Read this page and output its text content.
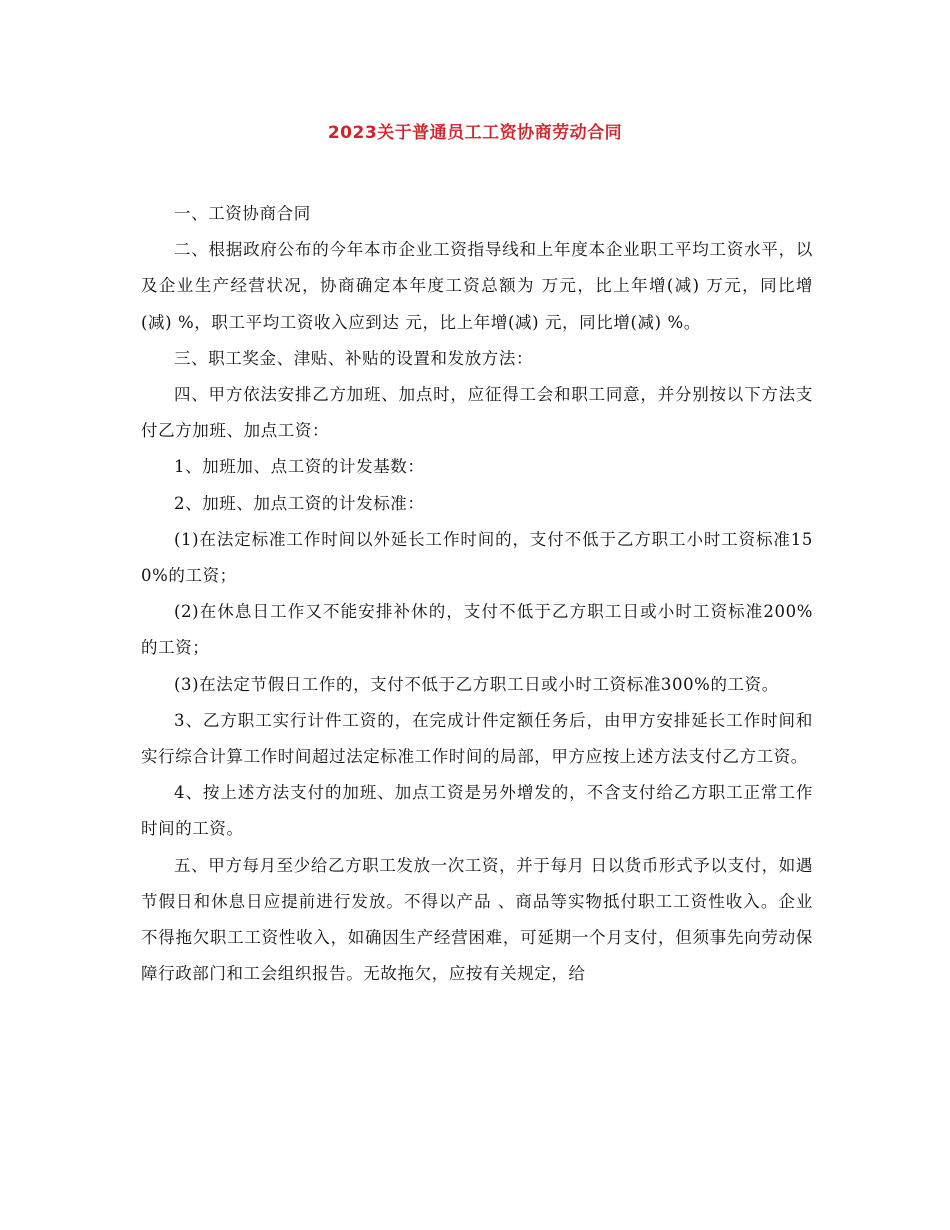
2023关于普通员工工资协商劳动合同

一、工资协商合同

二、根据政府公布的今年本市企业工资指导线和上年度本企业职工平均工资水平，以及企业生产经营状况，协商确定本年度工资总额为 万元，比上年增(减) 万元，同比增(减) %，职工平均工资收入应到达 元，比上年增(减) 元，同比增(减) %。

三、职工奖金、津贴、补贴的设置和发放方法：

四、甲方依法安排乙方加班、加点时，应征得工会和职工同意，并分别按以下方法支付乙方加班、加点工资：

1、加班加、点工资的计发基数：

2、加班、加点工资的计发标准：

(1)在法定标准工作时间以外延长工作时间的，支付不低于乙方职工小时工资标准150%的工资；

(2)在休息日工作又不能安排补休的，支付不低于乙方职工日或小时工资标准200%的工资；

(3)在法定节假日工作的，支付不低于乙方职工日或小时工资标准300%的工资。

3、乙方职工实行计件工资的，在完成计件定额任务后，由甲方安排延长工作时间和实行综合计算工作时间超过法定标准工作时间的局部，甲方应按上述方法支付乙方工资。

4、按上述方法支付的加班、加点工资是另外增发的，不含支付给乙方职工正常工作时间的工资。

五、甲方每月至少给乙方职工发放一次工资，并于每月 日以货币形式予以支付，如遇节假日和休息日应提前进行发放。不得以产品 、商品等实物抵付职工工资性收入。企业不得拖欠职工工资性收入，如确因生产经营困难，可延期一个月支付，但须事先向劳动保障行政部门和工会组织报告。无故拖欠，应按有关规定，给
